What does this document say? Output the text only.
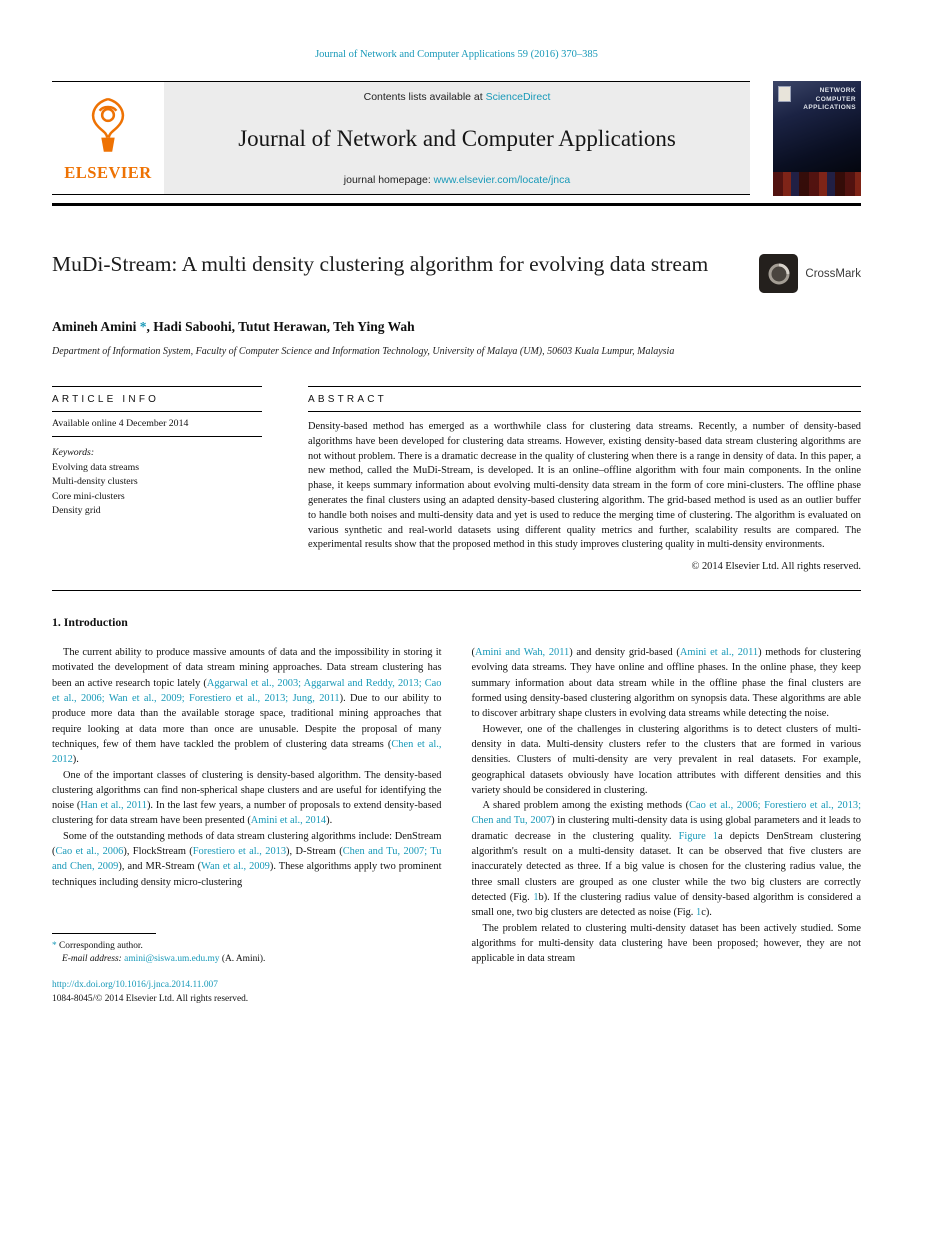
Journal of Network and Computer Applications 59 (2016) 370–385
ELSEVIER
Contents lists available at ScienceDirect
Journal of Network and Computer Applications
journal homepage: www.elsevier.com/locate/jnca
NETWORK
COMPUTER
APPLICATIONS
MuDi-Stream: A multi density clustering algorithm for evolving data stream	CrossMark
Amineh Amini *, Hadi Saboohi, Tutut Herawan, Teh Ying Wah
Department of Information System, Faculty of Computer Science and Information Technology, University of Malaya (UM), 50603 Kuala Lumpur, Malaysia
ARTICLE INFO
Available online 4 December 2014
Keywords:
Evolving data streams
Multi-density clusters
Core mini-clusters
Density grid
ABSTRACT
Density-based method has emerged as a worthwhile class for clustering data streams. Recently, a number of density-based algorithms have been developed for clustering data streams. However, existing density-based data stream clustering algorithms are not without problem. There is a dramatic decrease in the quality of clustering when there is a range in density of data. In this paper, a new method, called the MuDi-Stream, is developed. It is an online–offline algorithm with four main components. In the online phase, it keeps summary information about evolving multi-density data stream in the form of core mini-clusters. The offline phase generates the final clusters using an adapted density-based clustering algorithm. The grid-based method is used as an outlier buffer to handle both noises and multi-density data and yet is used to reduce the merging time of clustering. The algorithm is evaluated on various synthetic and real-world datasets using different quality metrics and further, scalability results are compared. The experimental results show that the proposed method in this study improves clustering quality in multi-density environments.
© 2014 Elsevier Ltd. All rights reserved.
1. Introduction

The current ability to produce massive amounts of data and the impossibility in storing it motivated the development of data stream mining approaches. Data stream clustering has been an active research topic lately (Aggarwal et al., 2003; Aggarwal and Reddy, 2013; Cao et al., 2006; Wan et al., 2009; Forestiero et al., 2013; Jung, 2011). Due to our ability to produce more data than the available storage space, traditional mining approaches that require looking at data more than once are unusable. Despite the proposal of many techniques, few of them have tackled the problem of clustering data streams (Chen et al., 2012).

One of the important classes of clustering is density-based algorithm. The density-based clustering algorithms can find non-spherical shape clusters and are useful for identifying the noise (Han et al., 2011). In the last few years, a number of proposals to extend density-based clustering for data stream have been presented (Amini et al., 2014).

Some of the outstanding methods of data stream clustering algorithms include: DenStream (Cao et al., 2006), FlockStream (Forestiero et al., 2013), D-Stream (Chen and Tu, 2007; Tu and Chen, 2009), and MR-Stream (Wan et al., 2009). These algorithms apply two prominent techniques including density micro-clustering

* Corresponding author.
E-mail address: amini@siswa.um.edu.my (A. Amini).

(Amini and Wah, 2011) and density grid-based (Amini et al., 2011) methods for clustering evolving data streams. They have online and offline phases. In the online phase, they keep summary information about data stream while in the offline phase the final clusters are formed using density-based clustering algorithm on synopsis data. These algorithms are able to discover arbitrary shape clusters in evolving data streams while detecting the noise.

However, one of the challenges in clustering algorithms is to detect clusters of multi-density in data. Multi-density clusters refer to the clusters that are formed in various densities. Clusters of multi-density are very prevalent in real datasets. For example, geographical datasets obviously have location attributes with different densities and this variety should be considered in clustering.

A shared problem among the existing methods (Cao et al., 2006; Forestiero et al., 2013; Chen and Tu, 2007) in clustering multi-density data is using global parameters and it leads to dramatic decrease in the clustering quality. Figure 1a depicts DenStream clustering algorithm's result on a multi-density dataset. It can be observed that five clusters are inaccurately detected as three. If a big value is chosen for the clustering radius value, the three small clusters are grouped as one cluster while the two big clusters are correctly detected (Fig. 1b). If the clustering radius value of density-based algorithm is considered a small one, two big clusters are detected as noise (Fig. 1c).

The problem related to clustering multi-density dataset has been actively studied. Some algorithms for multi-density data clustering have been proposed; however, they are not applicable in data stream

http://dx.doi.org/10.1016/j.jnca.2014.11.007
1084-8045/© 2014 Elsevier Ltd. All rights reserved.
